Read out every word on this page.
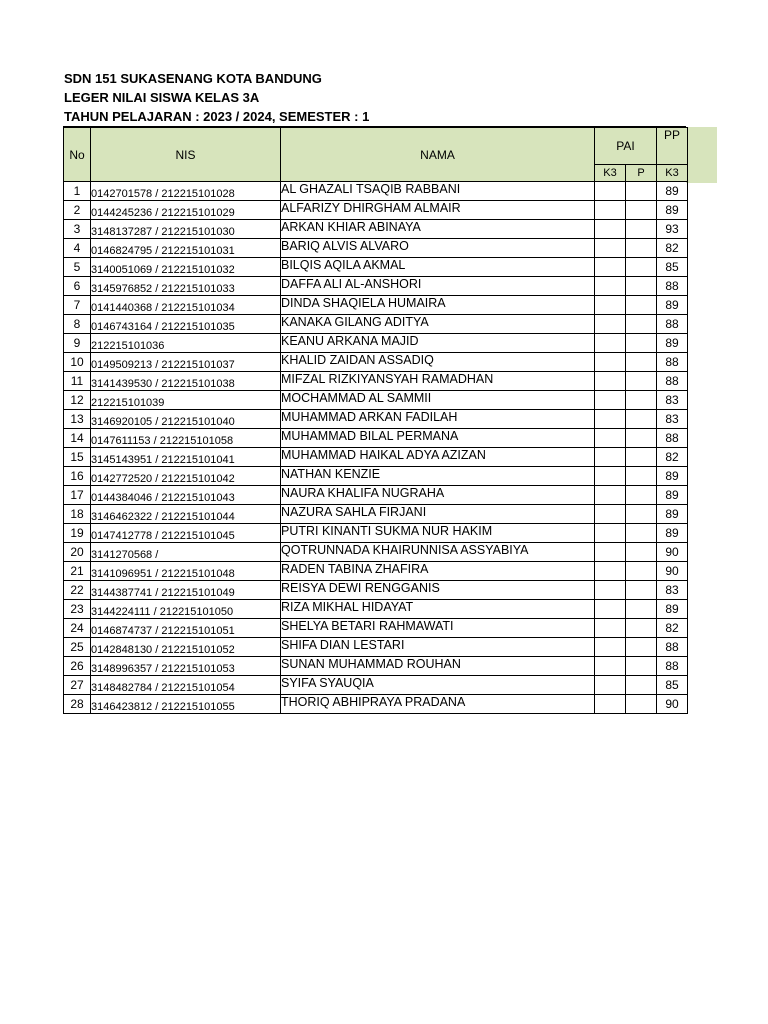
SDN 151 SUKASENANG KOTA BANDUNG
LEGER NILAI SISWA KELAS 3A
TAHUN PELAJARAN : 2023 / 2024, SEMESTER : 1
No	NIS	NAMA	PAI		PP
			K3	P	K3
1	0142701578 / 212215101028	AL GHAZALI TSAQIB RABBANI			89
2	0144245236 / 212215101029	ALFARIZY DHIRGHAM ALMAIR			89
3	3148137287 / 212215101030	ARKAN KHIAR ABINAYA			93
4	0146824795 / 212215101031	BARIQ ALVIS ALVARO			82
5	3140051069 / 212215101032	BILQIS AQILA AKMAL			85
6	3145976852 / 212215101033	DAFFA ALI AL-ANSHORI			88
7	0141440368 / 212215101034	DINDA SHAQIELA HUMAIRA			89
8	0146743164 / 212215101035	KANAKA GILANG ADITYA			88
9	212215101036	KEANU ARKANA MAJID			89
10	0149509213 / 212215101037	KHALID ZAIDAN ASSADIQ			88
11	3141439530 / 212215101038	MIFZAL RIZKIYANSYAH RAMADHAN			88
12	212215101039	MOCHAMMAD AL SAMMII			83
13	3146920105 / 212215101040	MUHAMMAD ARKAN FADILAH			83
14	0147611153 / 212215101058	MUHAMMAD BILAL PERMANA			88
15	3145143951 / 212215101041	MUHAMMAD HAIKAL ADYA AZIZAN			82
16	0142772520 / 212215101042	NATHAN KENZIE			89
17	0144384046 / 212215101043	NAURA KHALIFA NUGRAHA			89
18	3146462322 / 212215101044	NAZURA SAHLA FIRJANI			89
19	0147412778 / 212215101045	PUTRI KINANTI SUKMA NUR HAKIM			89
20	3141270568 /	QOTRUNNADA KHAIRUNNISA ASSYABIYA			90
21	3141096951 / 212215101048	RADEN TABINA ZHAFIRA			90
22	3144387741 / 212215101049	REISYA DEWI RENGGANIS			83
23	3144224111 / 212215101050	RIZA MIKHAL HIDAYAT			89
24	0146874737 / 212215101051	SHELYA BETARI RAHMAWATI			82
25	0142848130 / 212215101052	SHIFA DIAN LESTARI			88
26	3148996357 / 212215101053	SUNAN MUHAMMAD ROUHAN			88
27	3148482784 / 212215101054	SYIFA SYAUQIA			85
28	3146423812 / 212215101055	THORIQ ABHIPRAYA PRADANA			90
